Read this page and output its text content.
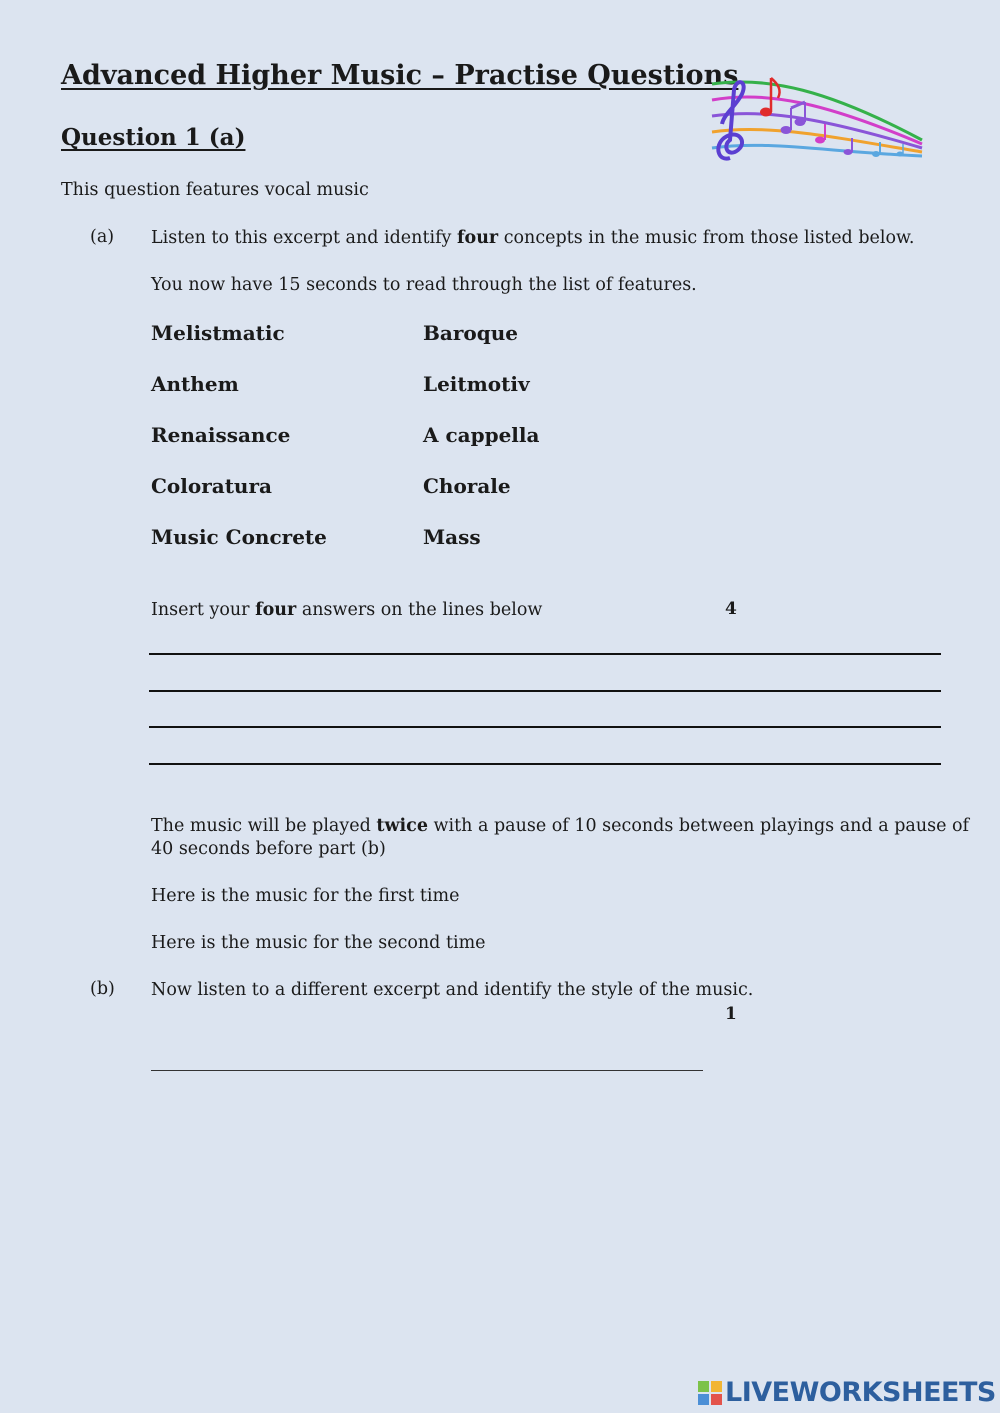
Advanced Higher Music – Practise Questions
Question 1 (a)
This question features vocal music
(a) Listen to this excerpt and identify four concepts in the music from those listed below.
You now have 15 seconds to read through the list of features.
Melistmatic	Baroque
Anthem	Leitmotiv
Renaissance	A cappella
Coloratura	Chorale
Music Concrete	Mass
Insert your four answers on the lines below	4
The music will be played twice with a pause of 10 seconds between playings and a pause of
40 seconds before part (b)
Here is the music for the first time
Here is the music for the second time
(b) Now listen to a different excerpt and identify the style of the music.
1
LIVEWORKSHEETS
